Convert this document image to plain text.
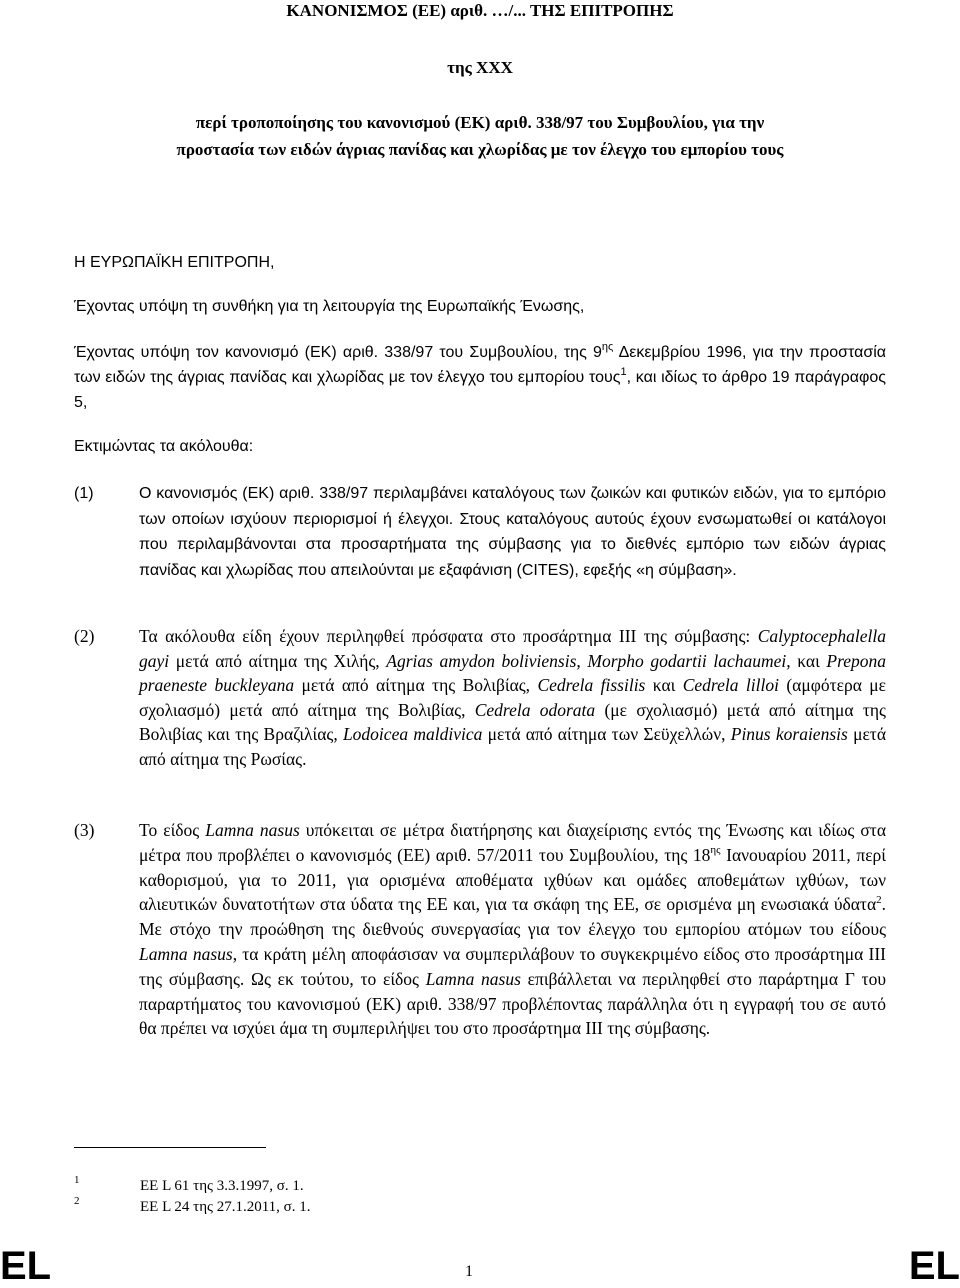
ΚΑΝΟΝΙΣΜΟΣ (ΕΕ) αριθ. …/... ΤΗΣ ΕΠΙΤΡΟΠΗΣ
της XXX
περί τροποποίησης του κανονισμού (ΕΚ) αριθ. 338/97 του Συμβουλίου, για την
προστασία των ειδών άγριας πανίδας και χλωρίδας με τον έλεγχο του εμπορίου τους
Η ΕΥΡΩΠΑΪΚΗ ΕΠΙΤΡΟΠΗ,
Έχοντας υπόψη τη συνθήκη για τη λειτουργία της Ευρωπαϊκής Ένωσης,
Έχοντας υπόψη τον κανονισμό (ΕΚ) αριθ. 338/97 του Συμβουλίου, της $9^{\eta\varsigma}$ Δεκεμβρίου 1996, για την προστασία των ειδών της άγριας πανίδας και χλωρίδας με τον έλεγχο του εμπορίου τους$^1$, και ιδίως το άρθρο 19 παράγραφος 5,
Εκτιμώντας τα ακόλουθα:
(1)	Ο κανονισμός (ΕΚ) αριθ. 338/97 περιλαμβάνει καταλόγους των ζωικών και φυτικών ειδών, για το εμπόριο των οποίων ισχύουν περιορισμοί ή έλεγχοι. Στους καταλόγους αυτούς έχουν ενσωματωθεί οι κατάλογοι που περιλαμβάνονται στα προσαρτήματα της σύμβασης για το διεθνές εμπόριο των ειδών άγριας πανίδας και χλωρίδας που απειλούνται με εξαφάνιση (CITES), εφεξής «η σύμβαση».
(2)	Τα ακόλουθα είδη έχουν περιληφθεί πρόσφατα στο προσάρτημα III της σύμβασης: Calyptocephalella gayi μετά από αίτημα της Χιλής, Agrias amydon boliviensis, Morpho godartii lachaumei, και Prepona praeneste buckleyana μετά από αίτημα της Βολιβίας, Cedrela fissilis και Cedrela lilloi (αμφότερα με σχολιασμό) μετά από αίτημα της Βολιβίας, Cedrela odorata (με σχολιασμό) μετά από αίτημα της Βολιβίας και της Βραζιλίας, Lodoicea maldivica μετά από αίτημα των Σεϋχελλών, Pinus koraiensis μετά από αίτημα της Ρωσίας.
(3)	Το είδος Lamna nasus υπόκειται σε μέτρα διατήρησης και διαχείρισης εντός της Ένωσης και ιδίως στα μέτρα που προβλέπει ο κανονισμός (ΕΕ) αριθ. 57/2011 του Συμβουλίου, της $18^{\eta\varsigma}$ Ιανουαρίου 2011, περί καθορισμού, για το 2011, για ορισμένα αποθέματα ιχθύων και ομάδες αποθεμάτων ιχθύων, των αλιευτικών δυνατοτήτων στα ύδατα της ΕΕ και, για τα σκάφη της ΕΕ, σε ορισμένα μη ενωσιακά ύδατα$^2$. Με στόχο την προώθηση της διεθνούς συνεργασίας για τον έλεγχο του εμπορίου ατόμων του είδους Lamna nasus, τα κράτη μέλη αποφάσισαν να συμπεριλάβουν το συγκεκριμένο είδος στο προσάρτημα III της σύμβασης. Ως εκ τούτου, το είδος Lamna nasus επιβάλλεται να περιληφθεί στο παράρτημα Γ του παραρτήματος του κανονισμού (ΕΚ) αριθ. 338/97 προβλέποντας παράλληλα ότι η εγγραφή του σε αυτό θα πρέπει να ισχύει άμα τη συμπεριλήψει του στο προσάρτημα III της σύμβασης.
1	ΕΕ L 61 της 3.3.1997, σ. 1.
2	ΕΕ L 24 της 27.1.2011, σ. 1.
EL	1	EL
